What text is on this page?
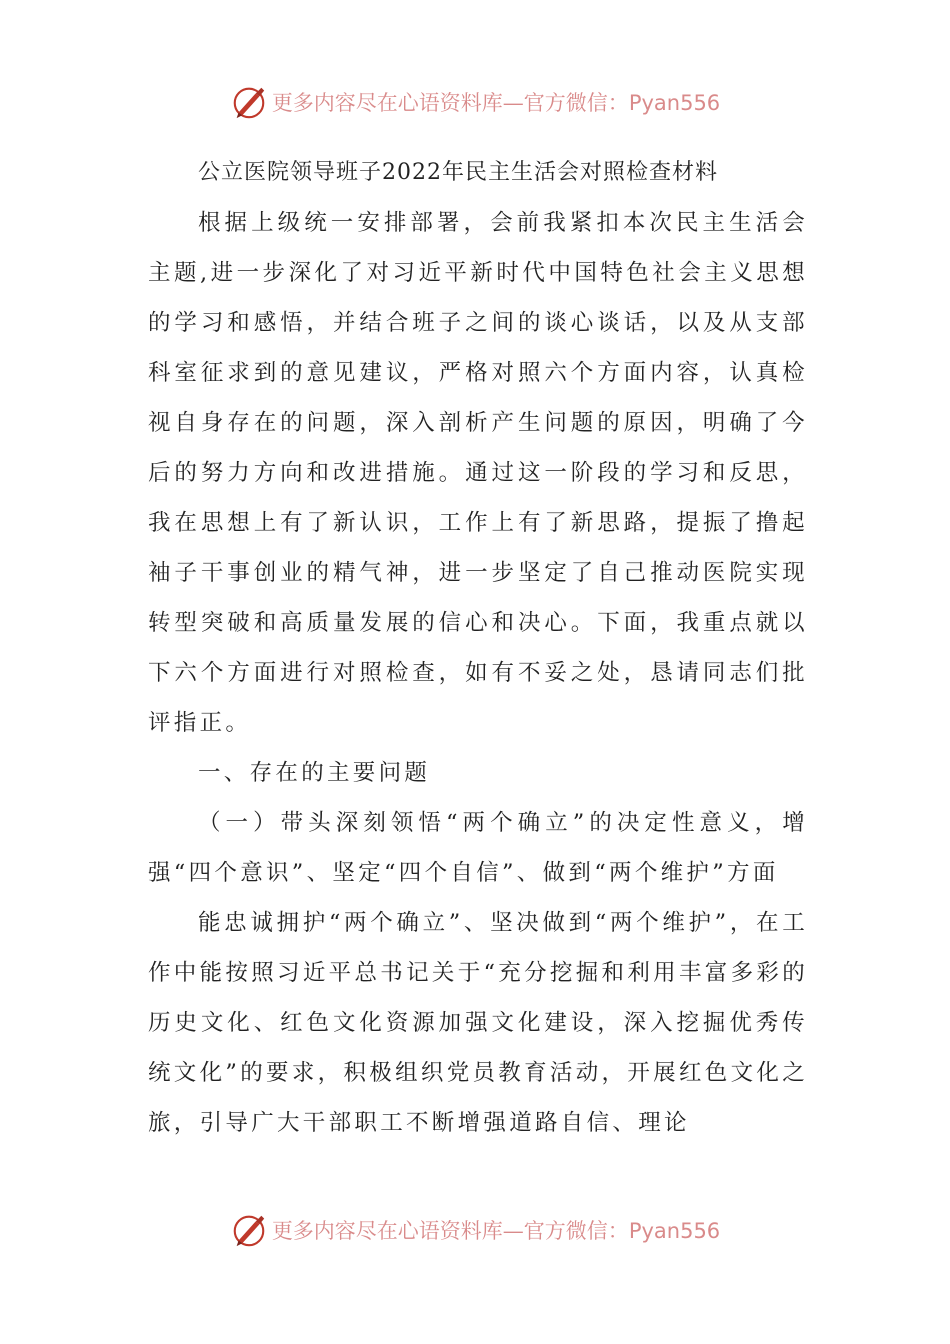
更多内容尽在心语资料库—官方微信：Pyan556
公立医院领导班子2022年民主生活会对照检查材料

根据上级统一安排部署，会前我紧扣本次民主生活会主题,进一步深化了对习近平新时代中国特色社会主义思想的学习和感悟，并结合班子之间的谈心谈话，以及从支部科室征求到的意见建议，严格对照六个方面内容，认真检视自身存在的问题，深入剖析产生问题的原因，明确了今后的努力方向和改进措施。通过这一阶段的学习和反思，我在思想上有了新认识，工作上有了新思路，提振了撸起袖子干事创业的精气神，进一步坚定了自己推动医院实现转型突破和高质量发展的信心和决心。下面，我重点就以下六个方面进行对照检查，如有不妥之处，恳请同志们批评指正。

一、存在的主要问题

（一）带头深刻领悟“两个确立”的决定性意义，增强“四个意识”、坚定“四个自信”、做到“两个维护”方面

能忠诚拥护“两个确立”、坚决做到“两个维护”，在工作中能按照习近平总书记关于“充分挖掘和利用丰富多彩的历史文化、红色文化资源加强文化建设，深入挖掘优秀传统文化”的要求，积极组织党员教育活动，开展红色文化之旅，引导广大干部职工不断增强道路自信、理论

更多内容尽在心语资料库—官方微信：Pyan556
